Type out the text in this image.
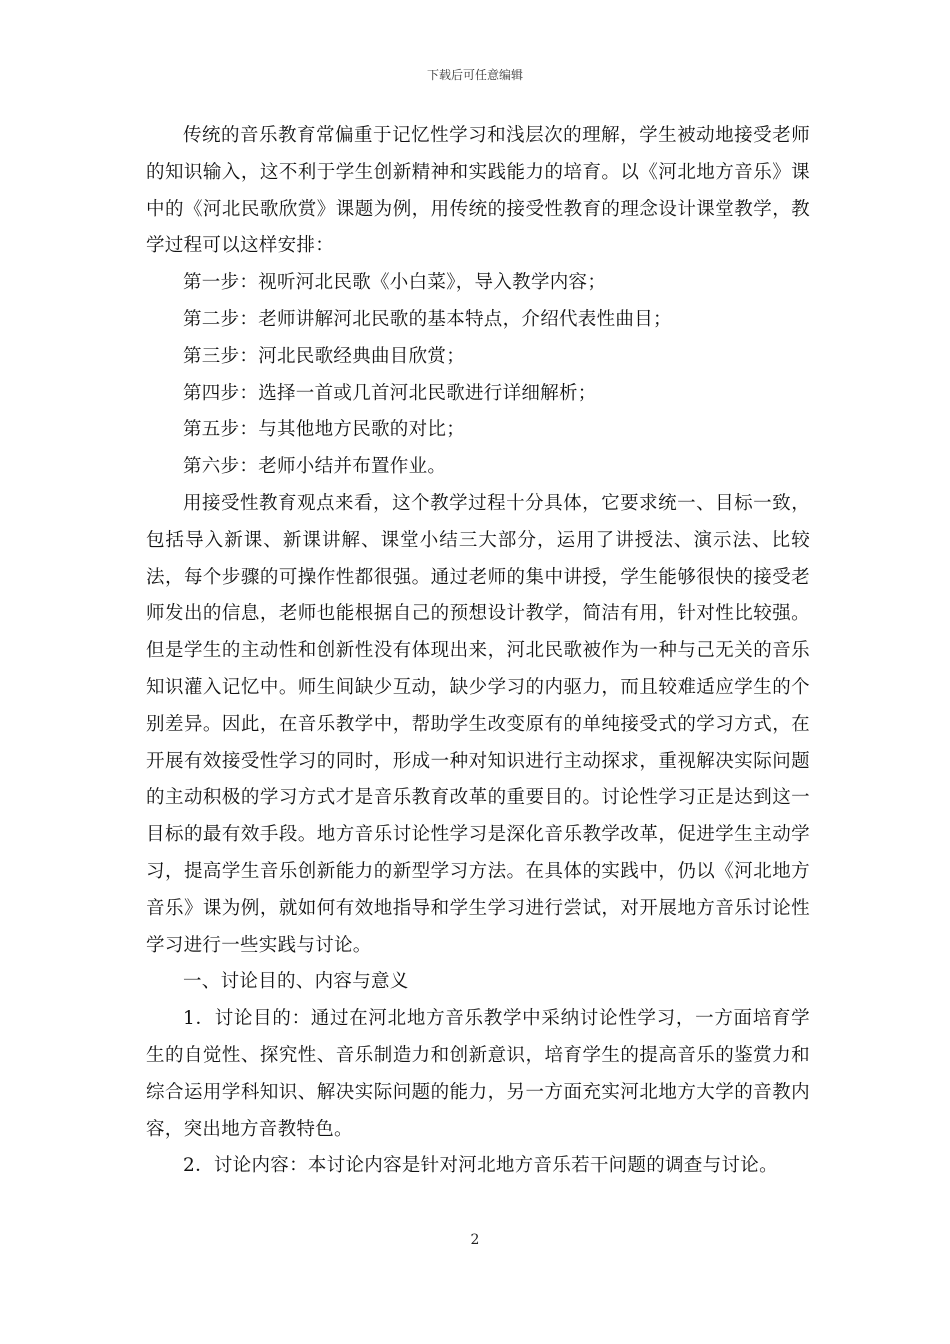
下载后可任意编辑

传统的音乐教育常偏重于记忆性学习和浅层次的理解，学生被动地接受老师的知识输入，这不利于学生创新精神和实践能力的培育。以《河北地方音乐》课中的《河北民歌欣赏》课题为例，用传统的接受性教育的理念设计课堂教学，教学过程可以这样安排：

第一步：视听河北民歌《小白菜》，导入教学内容；

第二步：老师讲解河北民歌的基本特点，介绍代表性曲目；

第三步：河北民歌经典曲目欣赏；

第四步：选择一首或几首河北民歌进行详细解析；

第五步：与其他地方民歌的对比；

第六步：老师小结并布置作业。

用接受性教育观点来看，这个教学过程十分具体，它要求统一、目标一致，包括导入新课、新课讲解、课堂小结三大部分，运用了讲授法、演示法、比较法，每个步骤的可操作性都很强。通过老师的集中讲授，学生能够很快的接受老师发出的信息，老师也能根据自己的预想设计教学，简洁有用，针对性比较强。但是学生的主动性和创新性没有体现出来，河北民歌被作为一种与己无关的音乐知识灌入记忆中。师生间缺少互动，缺少学习的内驱力，而且较难适应学生的个别差异。因此，在音乐教学中，帮助学生改变原有的单纯接受式的学习方式，在开展有效接受性学习的同时，形成一种对知识进行主动探求，重视解决实际问题的主动积极的学习方式才是音乐教育改革的重要目的。讨论性学习正是达到这一目标的最有效手段。地方音乐讨论性学习是深化音乐教学改革，促进学生主动学习，提高学生音乐创新能力的新型学习方法。在具体的实践中，仍以《河北地方音乐》课为例，就如何有效地指导和学生学习进行尝试，对开展地方音乐讨论性学习进行一些实践与讨论。

一、讨论目的、内容与意义

1．讨论目的：通过在河北地方音乐教学中采纳讨论性学习，一方面培育学生的自觉性、探究性、音乐制造力和创新意识，培育学生的提高音乐的鉴赏力和综合运用学科知识、解决实际问题的能力，另一方面充实河北地方大学的音教内容，突出地方音教特色。

2．讨论内容：本讨论内容是针对河北地方音乐若干问题的调查与讨论。

2
